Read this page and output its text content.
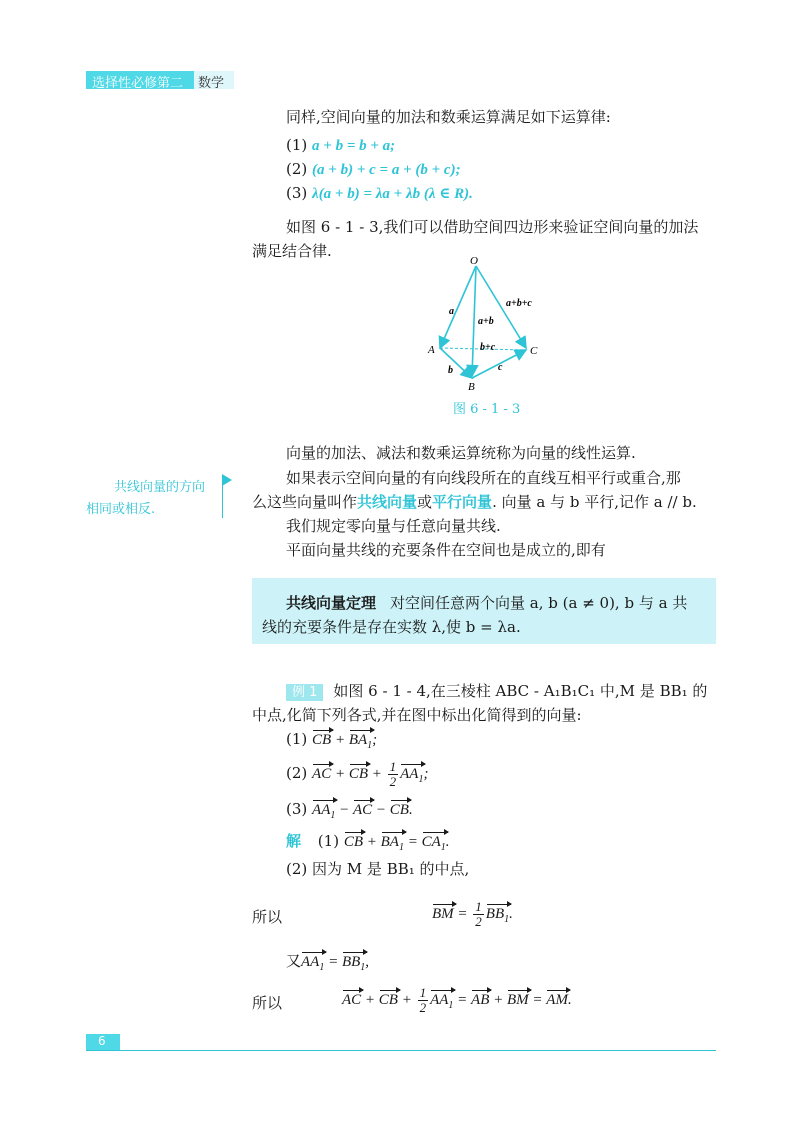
选择性必修第二册
数学
同样,空间向量的加法和数乘运算满足如下运算律:
(1) a + b = b + a;
(2) (a + b) + c = a + (b + c);
(3) λ(a + b) = λa + λb (λ ∈ R).
如图 6 - 1 - 3,我们可以借助空间四边形来验证空间向量的加法
满足结合律.
O
A
B
C
a
b	c
a+b
b+c
a+b+c
图 6 - 1 - 3
向量的加法、减法和数乘运算统称为向量的线性运算.
如果表示空间向量的有向线段所在的直线互相平行或重合,那
么这些向量叫作共线向量或平行向量. 向量 a 与 b 平行,记作 a // b.
我们规定零向量与任意向量共线.
平面向量共线的充要条件在空间也是成立的,即有
共线向量的方向
相同或相反.
共线向量定理 对空间任意两个向量 a, b (a ≠ 0), b 与 a 共
线的充要条件是存在实数 λ,使 b = λa.
例 1 如图 6 - 1 - 4,在三棱柱 ABC - A₁B₁C₁ 中,M 是 BB₁ 的
中点,化简下列各式,并在图中标出化简得到的向量:
(1) CB + $BA_1$;
(2) AC + CB + $\frac{1}{2} AA_1$;
(3) $AA_1$ − AC − CB.
解 (1) CB + $BA_1 = CA_1$.
(2) 因为 M 是 BB₁ 的中点,
所以	BM = $\frac{1}{2} BB_1$.
又$AA_1 = BB_1$,
所以	AC + CB + $\frac{1}{2} AA_1$ = AB + BM = AM.
6
